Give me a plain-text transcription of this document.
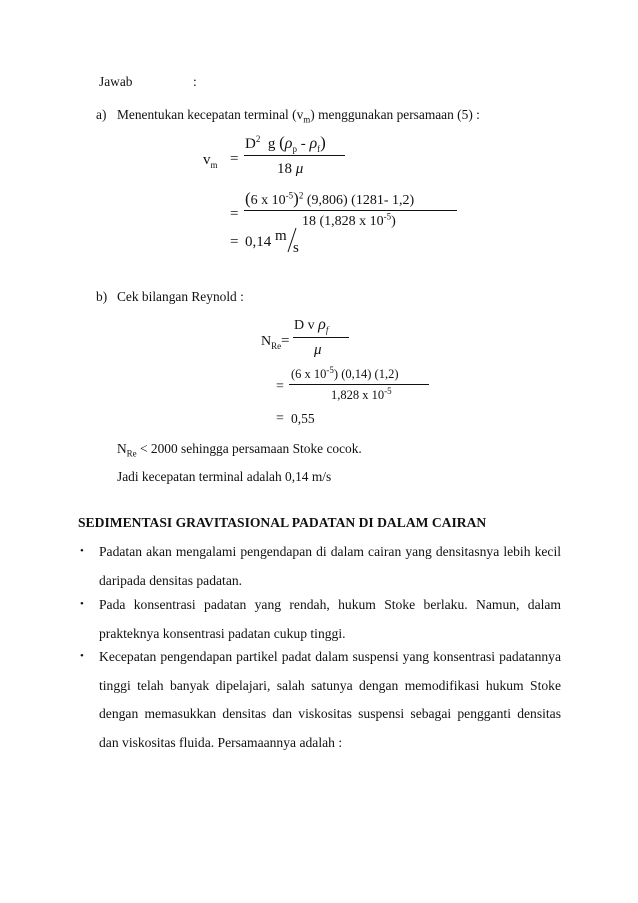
Jawab	:
a) Menentukan kecepatan terminal $(v_m)$ menggunakan persamaan (5) :
$v_m$ =
$D^2$ g $(\rho_p - \rho_f)$
18 μ
=
(6 x $10^{-5})^2$ (9,806) (1281- 1,2)
18 (1,828 x $10^{-5}$)
= 0,14 m
s
b) Cek bilangan Reynold :
$N_{Re}$ =
D v $\rho_f$
μ
=
(6 x $10^{-5}$) (0,14) (1,2)
1,828 x $10^{-5}$
= 0,55
$N_{Re} < 2000$ sehingga persamaan Stoke cocok.
Jadi kecepatan terminal adalah 0,14 m/s
SEDIMENTASI GRAVITASIONAL PADATAN DI DALAM CAIRAN
• Padatan akan mengalami pengendapan di dalam cairan yang densitasnya lebih kecil daripada densitas padatan.
• Pada konsentrasi padatan yang rendah, hukum Stoke berlaku. Namun, dalam prakteknya konsentrasi padatan cukup tinggi.
• Kecepatan pengendapan partikel padat dalam suspensi yang konsentrasi padatannya tinggi telah banyak dipelajari, salah satunya dengan memodifikasi hukum Stoke dengan memasukkan densitas dan viskositas suspensi sebagai pengganti densitas dan viskositas fluida. Persamaannya adalah :
